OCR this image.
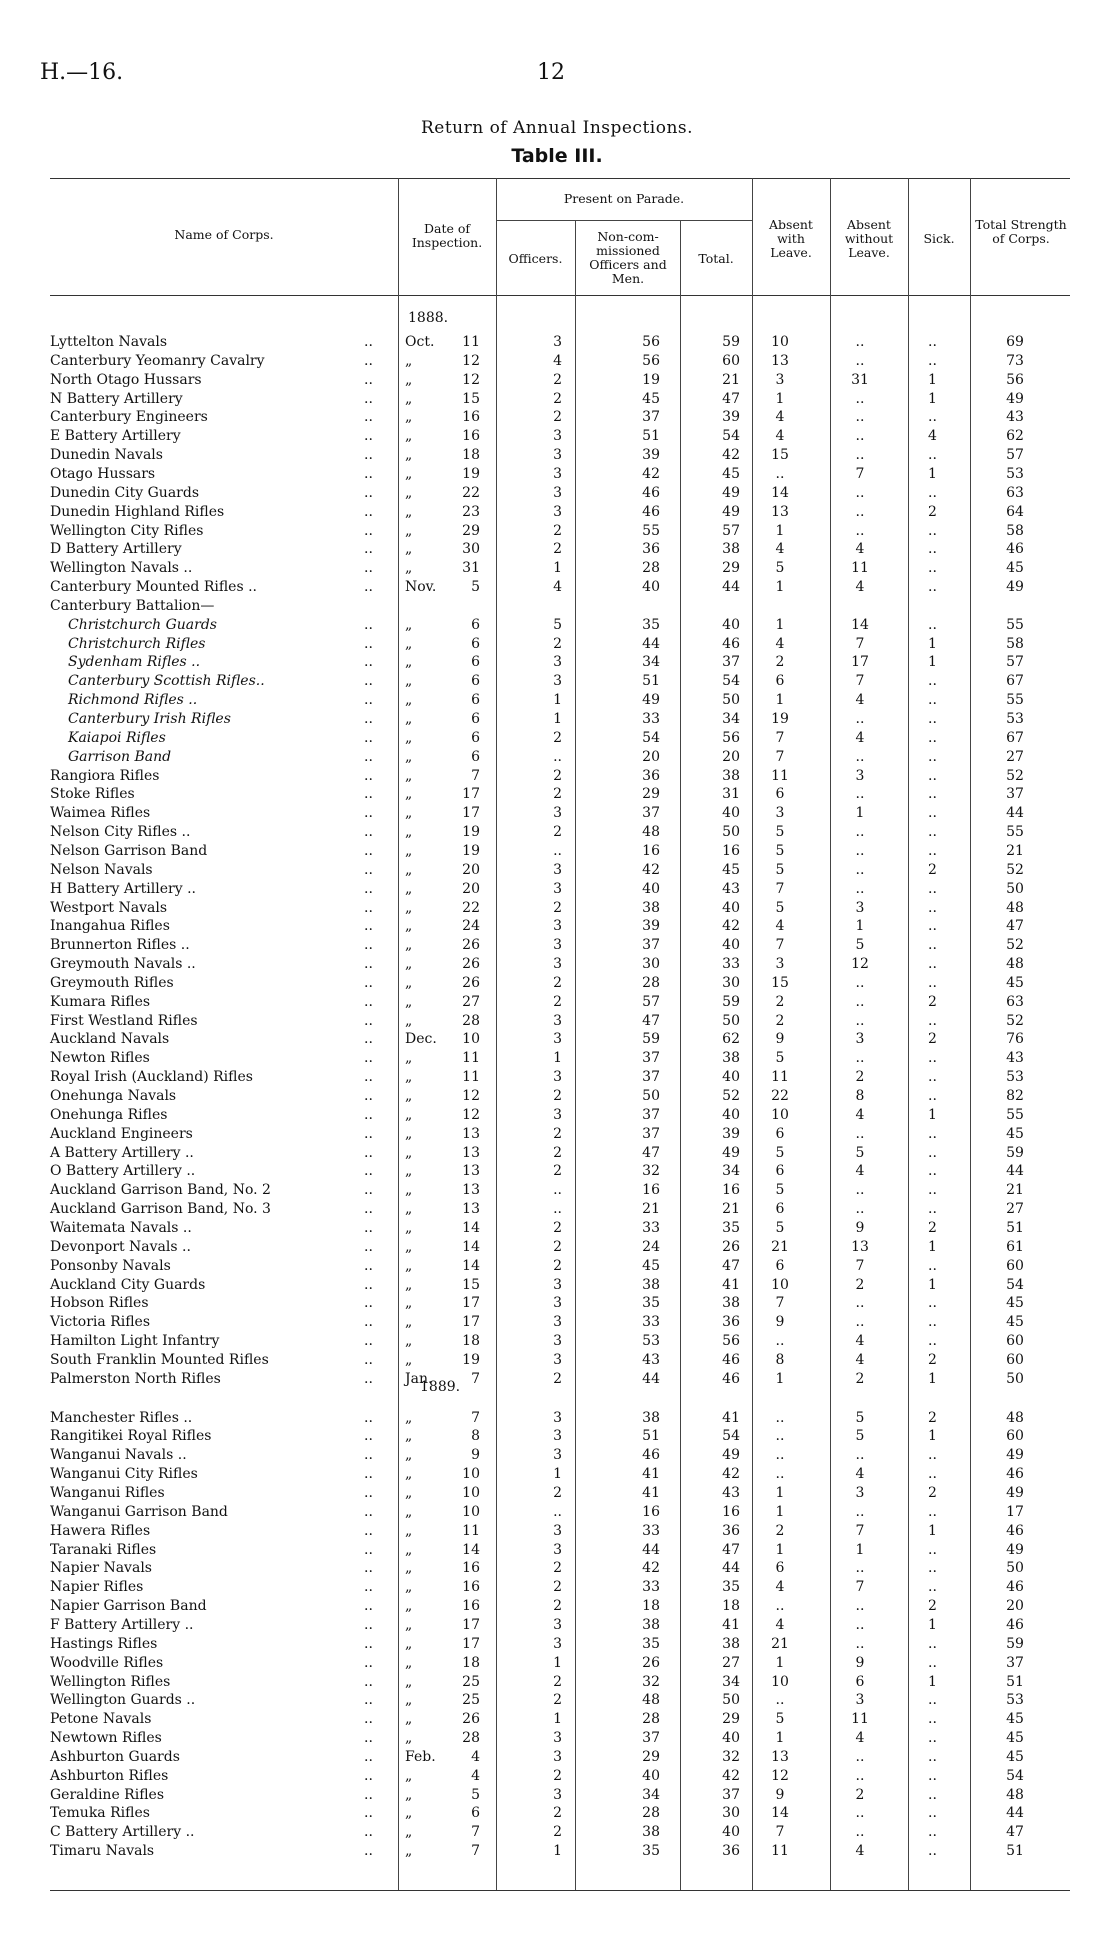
H.—16.	12
Return of Annual Inspections.
Table III.
Name of Corps.	Date of Inspection.
Present on Parade.
Officers.
Non-com-missioned Officers and Men.
Total.
Absent with Leave.
Absent without Leave.
Sick.
Total Strength of Corps.
1888.
1889.
Lyttelton Navals	Oct.	11	3	56	59	10	..	..	69
..
Canterbury Yeomanry Cavalry	„	12	4	56	60	13	..	..	73
..
North Otago Hussars	„	12	2	19	21	3	31	1	56
..
N Battery Artillery	„	15	2	45	47	1	..	1	49
..
Canterbury Engineers	„	16	2	37	39	4	..	..	43
..
E Battery Artillery	„	16	3	51	54	4	..	4	62
..
Dunedin Navals	„	18	3	39	42	15	..	..	57
..
Otago Hussars	„	19	3	42	45	..	7	1	53
..
Dunedin City Guards	„	22	3	46	49	14	..	..	63
..
Dunedin Highland Rifles	„	23	3	46	49	13	..	2	64
..
Wellington City Rifles	„	29	2	55	57	1	..	..	58
..
D Battery Artillery	„	30	2	36	38	4	4	..	46
..
Wellington Navals ..	„	31	1	28	29	5	11	..	45
..
Canterbury Mounted Rifles ..	Nov.	5	4	40	44	1	4	..	49
..
Canterbury Battalion—
Christchurch Guards	„	6	5	35	40	1	14	..	55
..
Christchurch Rifles	„	6	2	44	46	4	7	1	58
..
Sydenham Rifles ..	„	6	3	34	37	2	17	1	57
..
Canterbury Scottish Rifles..	„	6	3	51	54	6	7	..	67
..
Richmond Rifles ..	„	6	1	49	50	1	4	..	55
..
Canterbury Irish Rifles	„	6	1	33	34	19	..	..	53
..
Kaiapoi Rifles	„	6	2	54	56	7	4	..	67
..
Garrison Band	„	6	..	20	20	7	..	..	27
..
Rangiora Rifles	„	7	2	36	38	11	3	..	52
..
Stoke Rifles	„	17	2	29	31	6	..	..	37
..
Waimea Rifles	„	17	3	37	40	3	1	..	44
..
Nelson City Rifles ..	„	19	2	48	50	5	..	..	55
..
Nelson Garrison Band	„	19	..	16	16	5	..	..	21
..
Nelson Navals	„	20	3	42	45	5	..	2	52
..
H Battery Artillery ..	„	20	3	40	43	7	..	..	50
..
Westport Navals	„	22	2	38	40	5	3	..	48
..
Inangahua Rifles	„	24	3	39	42	4	1	..	47
..
Brunnerton Rifles ..	„	26	3	37	40	7	5	..	52
..
Greymouth Navals ..	„	26	3	30	33	3	12	..	48
..
Greymouth Rifles	„	26	2	28	30	15	..	..	45
..
Kumara Rifles	„	27	2	57	59	2	..	2	63
..
First Westland Rifles	„	28	3	47	50	2	..	..	52
..
Auckland Navals	Dec.	10	3	59	62	9	3	2	76
..
Newton Rifles	„	11	1	37	38	5	..	..	43
..
Royal Irish (Auckland) Rifles	„	11	3	37	40	11	2	..	53
..
Onehunga Navals	„	12	2	50	52	22	8	..	82
..
Onehunga Rifles	„	12	3	37	40	10	4	1	55
..
Auckland Engineers	„	13	2	37	39	6	..	..	45
..
A Battery Artillery ..	„	13	2	47	49	5	5	..	59
..
O Battery Artillery ..	„	13	2	32	34	6	4	..	44
..
Auckland Garrison Band, No. 2	„	13	..	16	16	5	..	..	21
..
Auckland Garrison Band, No. 3	„	13	..	21	21	6	..	..	27
..
Waitemata Navals ..	„	14	2	33	35	5	9	2	51
..
Devonport Navals ..	„	14	2	24	26	21	13	1	61
..
Ponsonby Navals	„	14	2	45	47	6	7	..	60
..
Auckland City Guards	„	15	3	38	41	10	2	1	54
..
Hobson Rifles	„	17	3	35	38	7	..	..	45
..
Victoria Rifles	„	17	3	33	36	9	..	..	45
..
Hamilton Light Infantry	„	18	3	53	56	..	4	..	60
..
South Franklin Mounted Rifles	„	19	3	43	46	8	4	2	60
..
Palmerston North Rifles	Jan.	7	2	44	46	1	2	1	50
..
Manchester Rifles ..	„	7	3	38	41	..	5	2	48
..
Rangitikei Royal Rifles	„	8	3	51	54	..	5	1	60
..
Wanganui Navals ..	„	9	3	46	49	..	..	..	49
..
Wanganui City Rifles	„	10	1	41	42	..	4	..	46
..
Wanganui Rifles	„	10	2	41	43	1	3	2	49
..
Wanganui Garrison Band	„	10	..	16	16	1	..	..	17
..
Hawera Rifles	„	11	3	33	36	2	7	1	46
..
Taranaki Rifles	„	14	3	44	47	1	1	..	49
..
Napier Navals	„	16	2	42	44	6	..	..	50
..
Napier Rifles	„	16	2	33	35	4	7	..	46
..
Napier Garrison Band	„	16	2	18	18	..	..	2	20
..
F Battery Artillery ..	„	17	3	38	41	4	..	1	46
..
Hastings Rifles	„	17	3	35	38	21	..	..	59
..
Woodville Rifles	„	18	1	26	27	1	9	..	37
..
Wellington Rifles	„	25	2	32	34	10	6	1	51
..
Wellington Guards ..	„	25	2	48	50	..	3	..	53
..
Petone Navals	„	26	1	28	29	5	11	..	45
..
Newtown Rifles	„	28	3	37	40	1	4	..	45
..
Ashburton Guards	Feb.	4	3	29	32	13	..	..	45
..
Ashburton Rifles	„	4	2	40	42	12	..	..	54
..
Geraldine Rifles	„	5	3	34	37	9	2	..	48
..
Temuka Rifles	„	6	2	28	30	14	..	..	44
..
C Battery Artillery ..	„	7	2	38	40	7	..	..	47
..
Timaru Navals	„	7	1	35	36	11	4	..	51
..
